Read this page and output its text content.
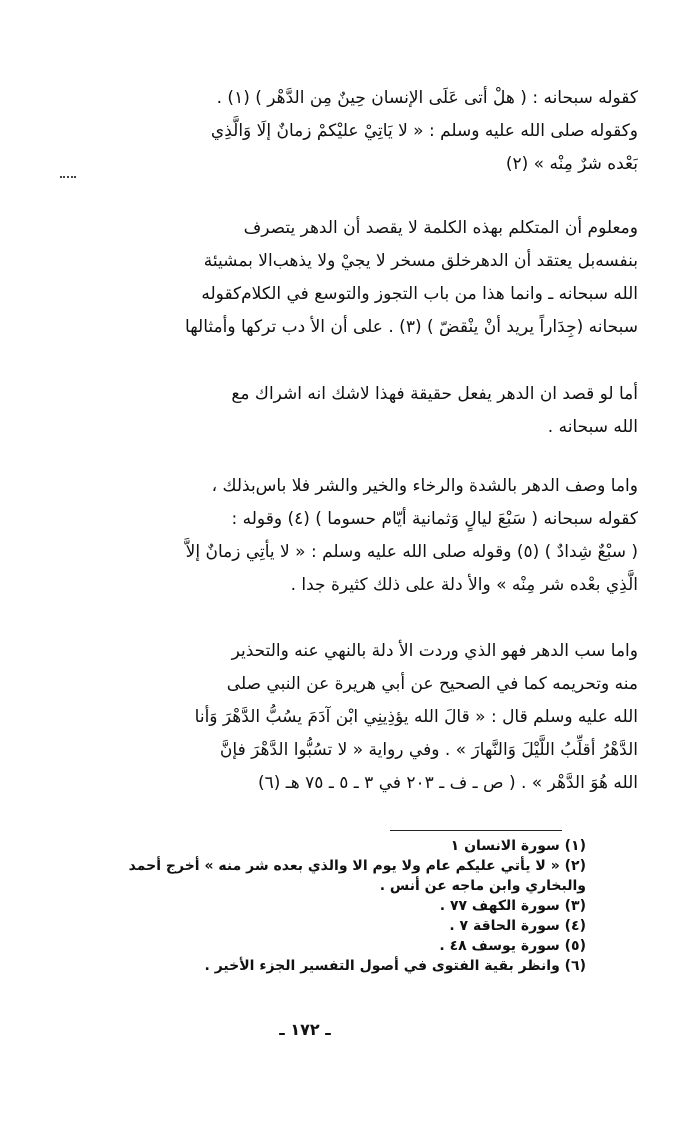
كقوله سبحانه : ( هلْ أتى عَلَى الإنسان حِينٌ مِن الدَّهْر ) (١) .
وكقوله صلى الله عليه وسلم : « لا يَاتِيْ عليْكمْ زمانٌ إلَا وَالَّذِي
بَعْده شرٌ مِنْه » (٢)
ومعلوم أن المتكلم بهذه الكلمة لا يقصد أن الدهر يتصرف
بنفسه‌بل يعتقد أن الدهرخلق مسخر لا يجيْ ولا يذهب‌الا بمشيئة
الله سبحانه ـ وانما هذا من باب التجوز والتوسع في الكلام‌كقوله
سبحانه (جِدَاراً يريد أنْ ينْقضّ ) (٣) . على أن الأ دب تركها وأمثالها
أما لو قصد ان الدهر يفعل حقيقة فهذا لاشك انه اشراك مع
الله سبحانه .
واما وصف الدهر بالشدة والرخاء والخير والشر فلا باس‌بذلك ،
كقوله سبحانه ( سَبْعَ ليالٍ وَثمانية أيّام حسوما ) (٤) وقوله :
( سبْعٌ شِدادٌ ) (٥) وقوله صلى الله عليه وسلم : « لا يأتِي زمانٌ إلاَّ
الَّذِي بعْده شر مِنْه » والأ دلة على ذلك كثيرة جدا .
واما سب الدهر فهو الذي وردت الأ دلة بالنهي عنه والتحذير
منه وتحريمه كما في الصحيح عن أبي هريرة عن النبي صلى
الله عليه وسلم قال : « قالَ الله يؤذِينِي ابْن آدَمَ يسُبُّ الدَّهْرَ وَأنا
الدَّهْرُ أقلِّبُ اللَّيْلَ وَالنَّهارَ » . وفي رواية « لا تسُبُّوا الدَّهْرَ فإنَّ
الله هُوَ الدَّهْر » . ( ص ـ ف ـ ٢٠٣ في ٣ ـ ٥ ـ ٧٥ هـ (٦)
(١) سورة الانسان ١
(٢) « لا يأتي عليكم عام ولا يوم الا والذي بعده شر منه » أخرج أحمد
والبخاري وابن ماجه عن أنس .
(٣) سورة الكهف ٧٧ .
(٤) سورة الحاقة ٧ .
(٥) سورة يوسف ٤٨ .
(٦) وانظر بقية الفتوى في أصول التفسير الجزء الأخير .
ـ ١٧٢ ـ
